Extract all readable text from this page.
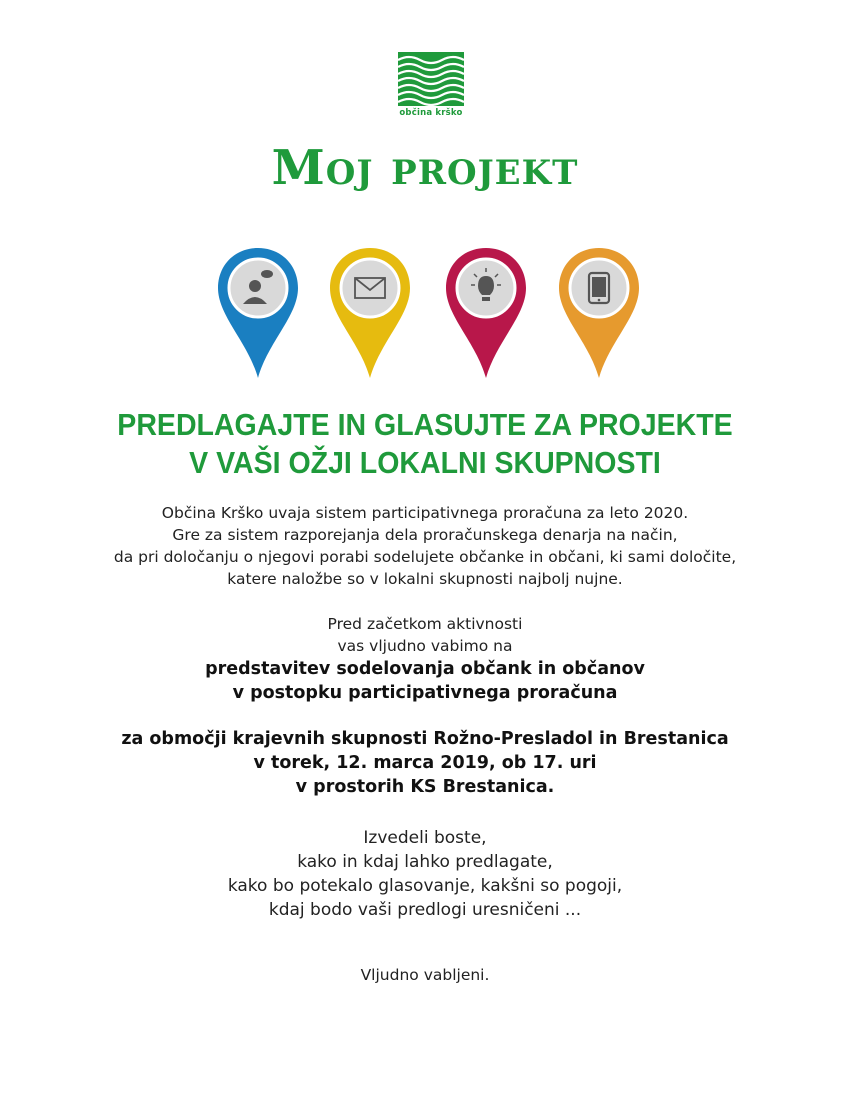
občina krško
Moj projekt
PREDLAGAJTE IN GLASUJTE ZA PROJEKTE
V VAŠI OŽJI LOKALNI SKUPNOSTI
Občina Krško uvaja sistem participativnega proračuna za leto 2020.
Gre za sistem razporejanja dela proračunskega denarja na način,
da pri določanju o njegovi porabi sodelujete občanke in občani, ki sami določite,
katere naložbe so v lokalni skupnosti najbolj nujne.
Pred začetkom aktivnosti
vas vljudno vabimo na
predstavitev sodelovanja občank in občanov
v postopku participativnega proračuna
za območji krajevnih skupnosti Rožno-Presladol in Brestanica
v torek, 12. marca 2019, ob 17. uri
v prostorih KS Brestanica.
Izvedeli boste,
kako in kdaj lahko predlagate,
kako bo potekalo glasovanje, kakšni so pogoji,
kdaj bodo vaši predlogi uresničeni ...
Vljudno vabljeni.
